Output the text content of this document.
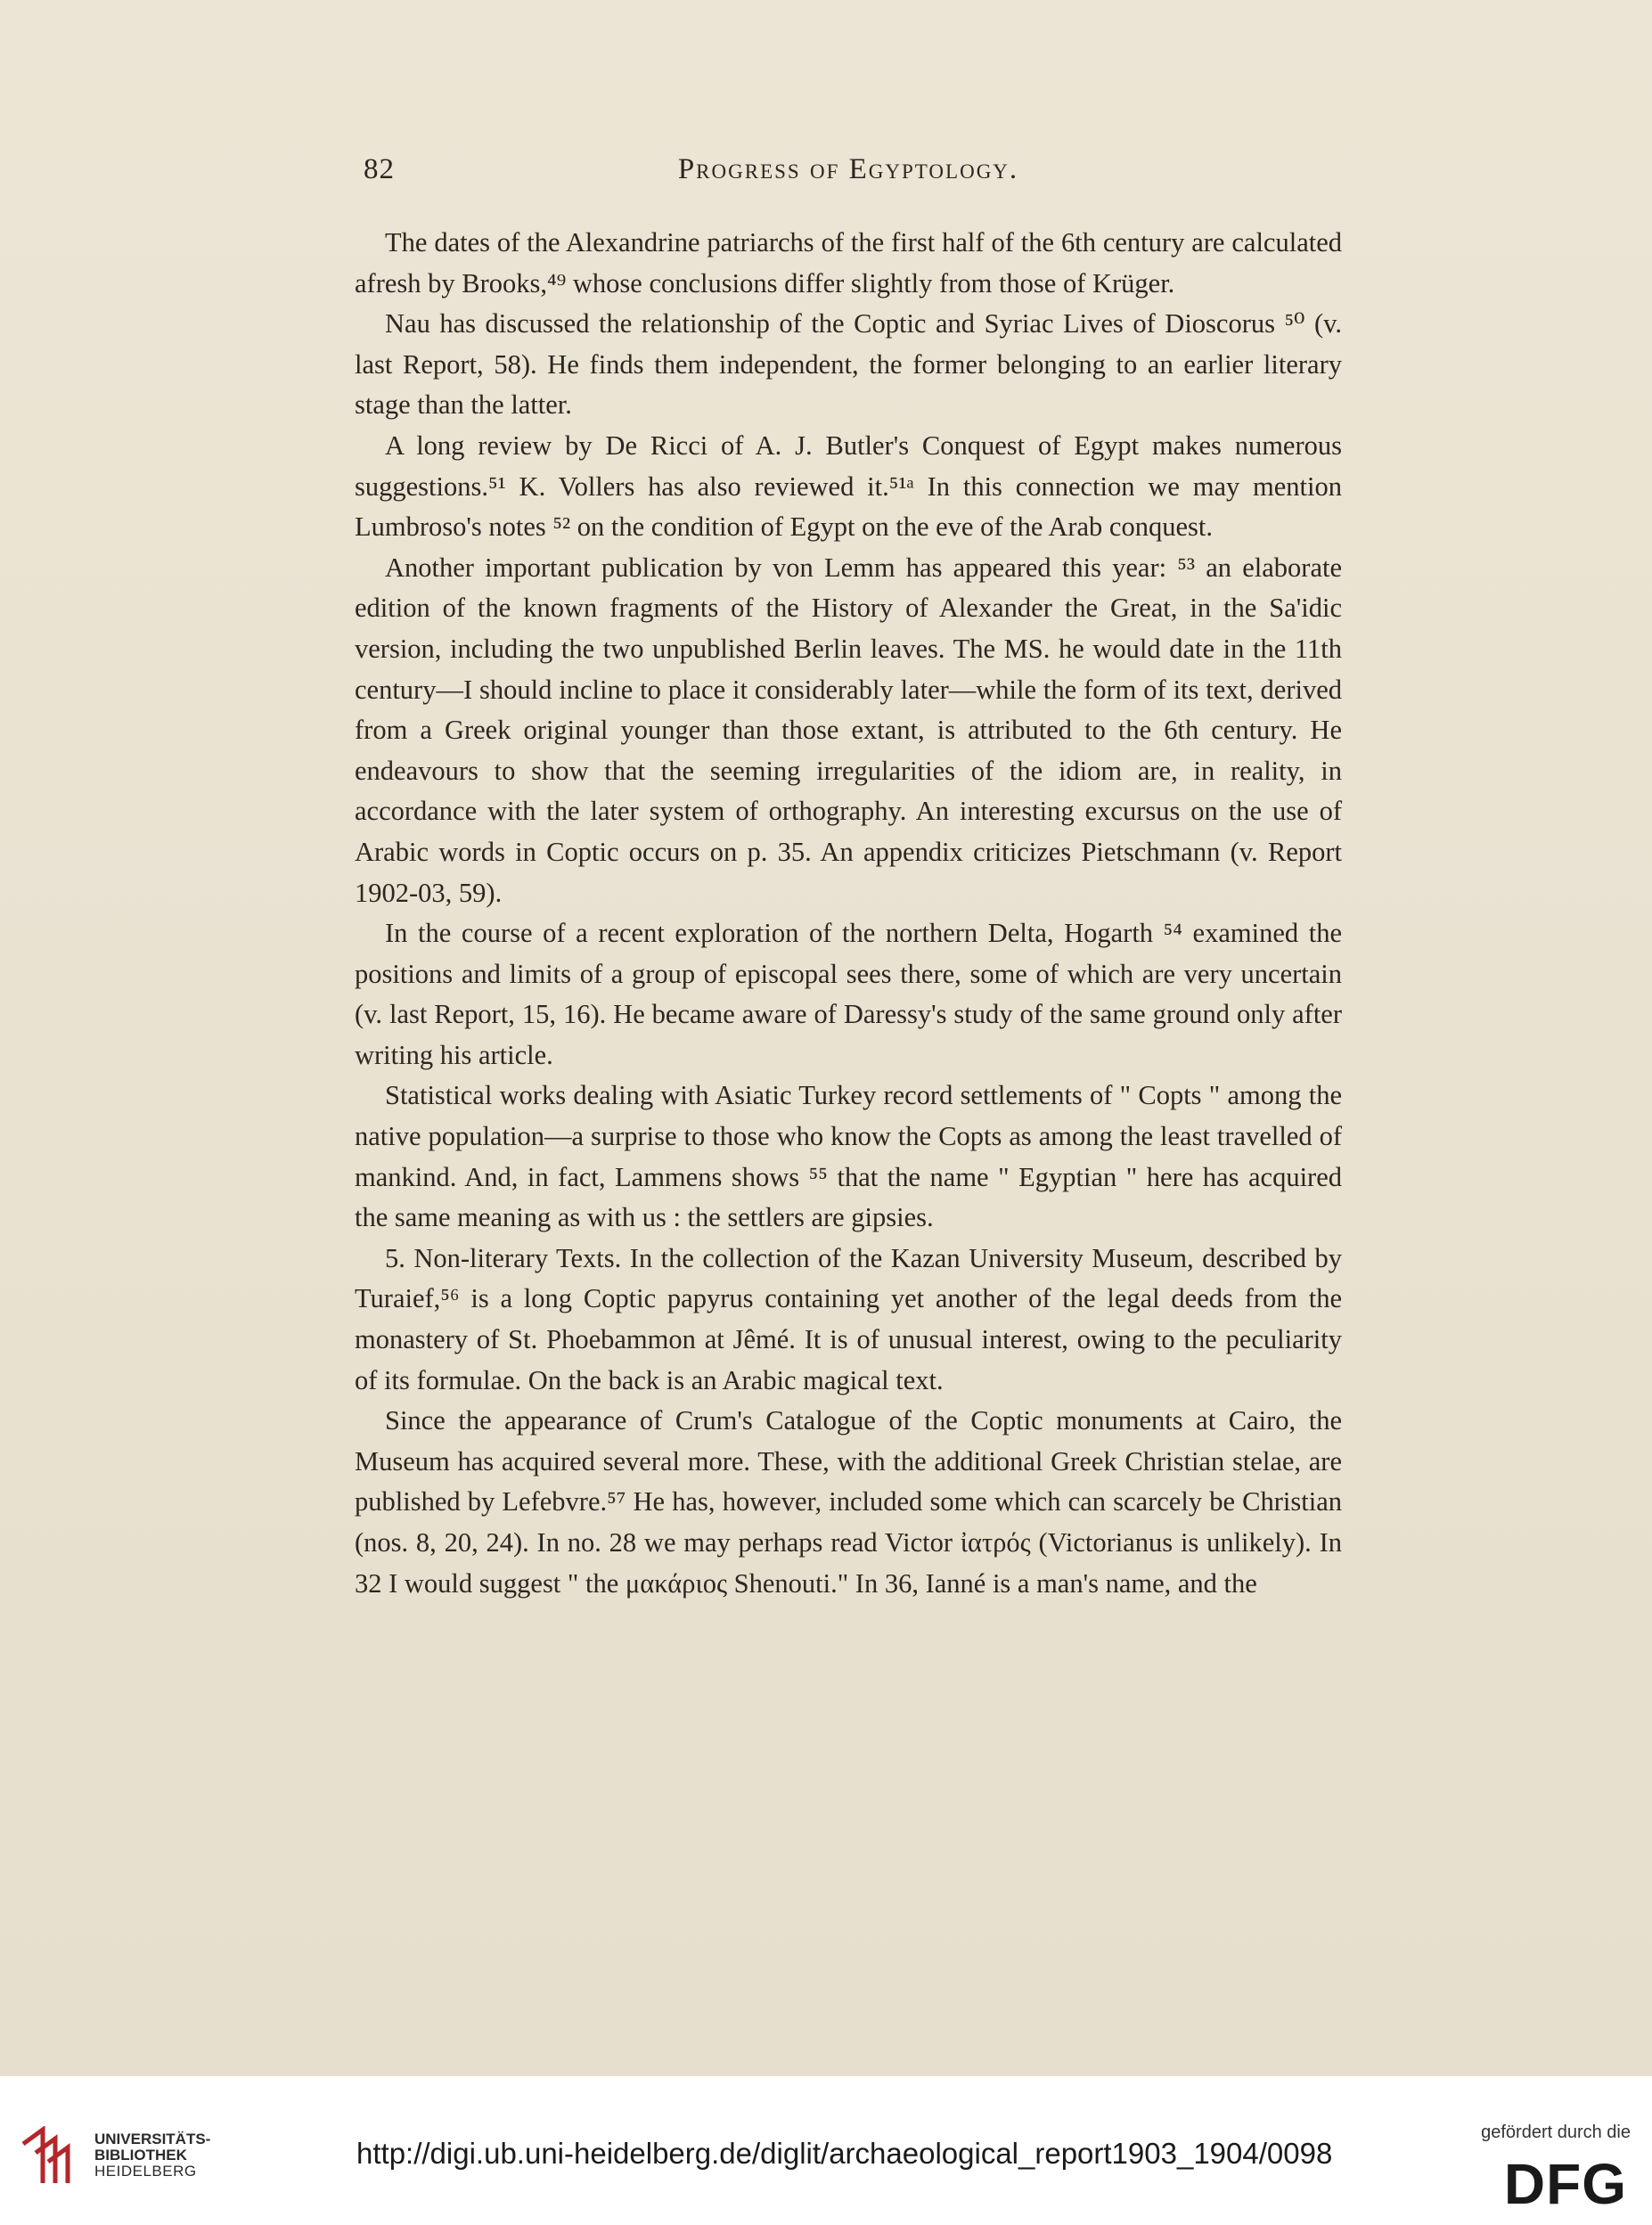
82	Progress of Egyptology.

The dates of the Alexandrine patriarchs of the first half of the 6th century are calculated afresh by Brooks,⁴⁹ whose conclusions differ slightly from those of Krüger.

Nau has discussed the relationship of the Coptic and Syriac Lives of Dioscorus ⁵⁰ (v. last Report, 58). He finds them independent, the former belonging to an earlier literary stage than the latter.

A long review by De Ricci of A. J. Butler's Conquest of Egypt makes numerous suggestions.⁵¹ K. Vollers has also reviewed it.⁵¹ᵃ In this connection we may mention Lumbroso's notes ⁵² on the condition of Egypt on the eve of the Arab conquest.

Another important publication by von Lemm has appeared this year: ⁵³ an elaborate edition of the known fragments of the History of Alexander the Great, in the Sa'idic version, including the two unpublished Berlin leaves. The MS. he would date in the 11th century—I should incline to place it considerably later—while the form of its text, derived from a Greek original younger than those extant, is attributed to the 6th century. He endeavours to show that the seeming irregularities of the idiom are, in reality, in accordance with the later system of orthography. An interesting excursus on the use of Arabic words in Coptic occurs on p. 35. An appendix criticizes Pietschmann (v. Report 1902-03, 59).

In the course of a recent exploration of the northern Delta, Hogarth ⁵⁴ examined the positions and limits of a group of episcopal sees there, some of which are very uncertain (v. last Report, 15, 16). He became aware of Daressy's study of the same ground only after writing his article.

Statistical works dealing with Asiatic Turkey record settlements of " Copts " among the native population—a surprise to those who know the Copts as among the least travelled of mankind. And, in fact, Lammens shows ⁵⁵ that the name " Egyptian " here has acquired the same meaning as with us : the settlers are gipsies.

5. Non-literary Texts. In the collection of the Kazan University Museum, described by Turaief,⁵⁶ is a long Coptic papyrus containing yet another of the legal deeds from the monastery of St. Phoebammon at Jêmé. It is of unusual interest, owing to the peculiarity of its formulae. On the back is an Arabic magical text.

Since the appearance of Crum's Catalogue of the Coptic monuments at Cairo, the Museum has acquired several more. These, with the additional Greek Christian stelae, are published by Lefebvre.⁵⁷ He has, however, included some which can scarcely be Christian (nos. 8, 20, 24). In no. 28 we may perhaps read Victor ἰατρός (Victorianus is unlikely). In 32 I would suggest " the μακάριος Shenouti." In 36, Ianné is a man's name, and the

UNIVERSITÄTS-
BIBLIOTHEK
HEIDELBERG
http://digi.ub.uni-heidelberg.de/diglit/archaeological_report1903_1904/0098
gefördert durch die
DFG
